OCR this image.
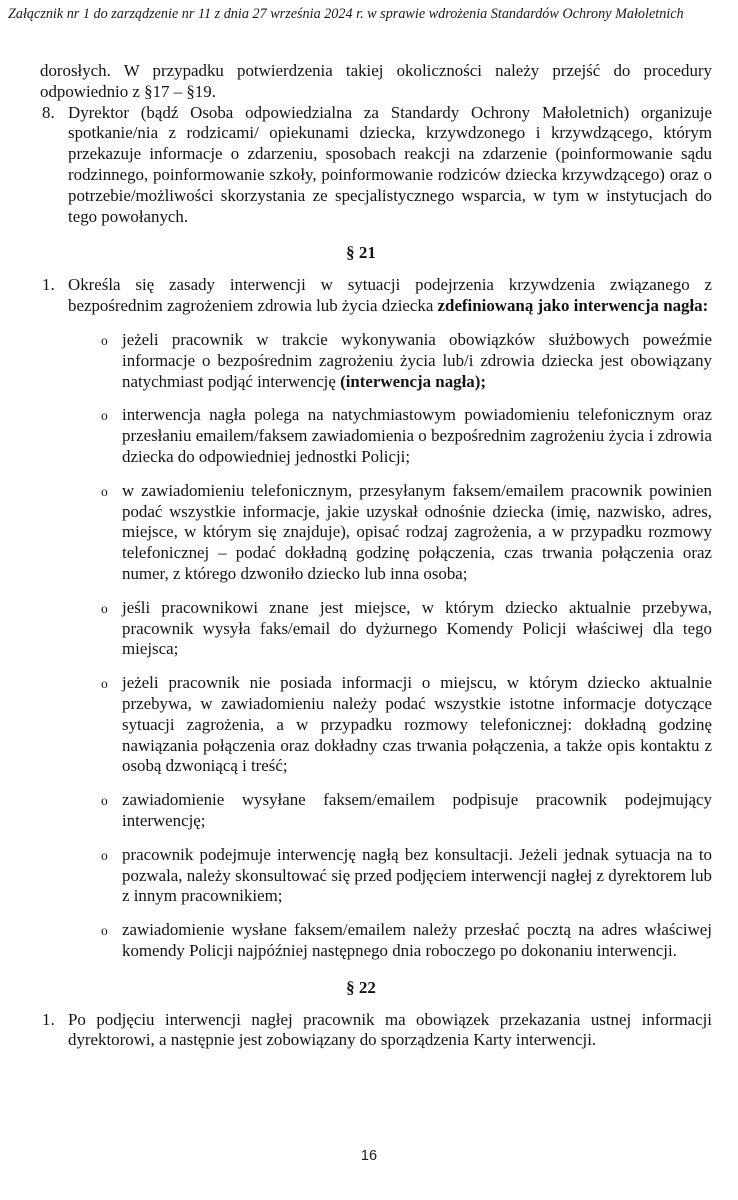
Załącznik nr 1 do zarządzenie nr 11 z dnia 27 września 2024 r. w sprawie wdrożenia Standardów Ochrony Małoletnich

dorosłych. W przypadku potwierdzenia takiej okoliczności należy przejść do procedury odpowiednio z §17 – §19.

8. Dyrektor (bądź Osoba odpowiedzialna za Standardy Ochrony Małoletnich) organizuje spotkanie/nia z rodzicami/ opiekunami dziecka, krzywdzonego i krzywdzącego, którym przekazuje informacje o zdarzeniu, sposobach reakcji na zdarzenie (poinformowanie sądu rodzinnego, poinformowanie szkoły, poinformowanie rodziców dziecka krzywdzącego) oraz o potrzebie/możliwości skorzystania ze specjalistycznego wsparcia, w tym w instytucjach do tego powołanych.

§ 21
1. Określa się zasady interwencji w sytuacji podejrzenia krzywdzenia związanego z bezpośrednim zagrożeniem zdrowia lub życia dziecka zdefiniowaną jako interwencja nagła:

o jeżeli pracownik w trakcie wykonywania obowiązków służbowych poweźmie informacje o bezpośrednim zagrożeniu życia lub/i zdrowia dziecka jest obowiązany natychmiast podjąć interwencję (interwencja nagła);

o interwencja nagła polega na natychmiastowym powiadomieniu telefonicznym oraz przesłaniu emailem/faksem zawiadomienia o bezpośrednim zagrożeniu życia i zdrowia dziecka do odpowiedniej jednostki Policji;

o w zawiadomieniu telefonicznym, przesyłanym faksem/emailem pracownik powinien podać wszystkie informacje, jakie uzyskał odnośnie dziecka (imię, nazwisko, adres, miejsce, w którym się znajduje), opisać rodzaj zagrożenia, a w przypadku rozmowy telefonicznej – podać dokładną godzinę połączenia, czas trwania połączenia oraz numer, z którego dzwoniło dziecko lub inna osoba;

o jeśli pracownikowi znane jest miejsce, w którym dziecko aktualnie przebywa, pracownik wysyła faks/email do dyżurnego Komendy Policji właściwej dla tego miejsca;

o jeżeli pracownik nie posiada informacji o miejscu, w którym dziecko aktualnie przebywa, w zawiadomieniu należy podać wszystkie istotne informacje dotyczące sytuacji zagrożenia, a w przypadku rozmowy telefonicznej: dokładną godzinę nawiązania połączenia oraz dokładny czas trwania połączenia, a także opis kontaktu z osobą dzwoniącą i treść;

o zawiadomienie wysyłane faksem/emailem podpisuje pracownik podejmujący interwencję;

o pracownik podejmuje interwencję nagłą bez konsultacji. Jeżeli jednak sytuacja na to pozwala, należy skonsultować się przed podjęciem interwencji nagłej z dyrektorem lub z innym pracownikiem;

o zawiadomienie wysłane faksem/emailem należy przesłać pocztą na adres właściwej komendy Policji najpóźniej następnego dnia roboczego po dokonaniu interwencji.

§ 22
1. Po podjęciu interwencji nagłej pracownik ma obowiązek przekazania ustnej informacji dyrektorowi, a następnie jest zobowiązany do sporządzenia Karty interwencji.

16
